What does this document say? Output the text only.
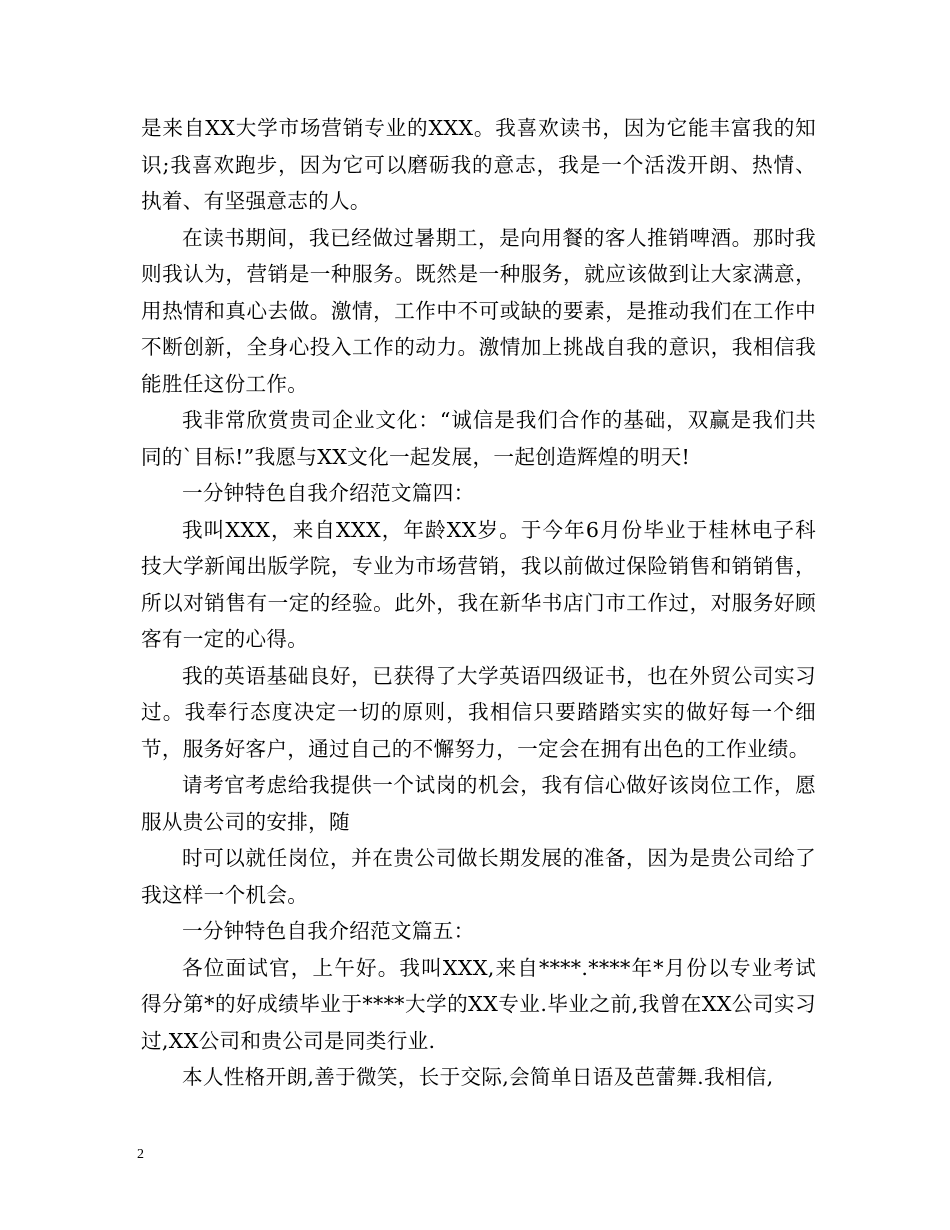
是来自XX大学市场营销专业的XXX。我喜欢读书，因为它能丰富我的知识;我喜欢跑步，因为它可以磨砺我的意志，我是一个活泼开朗、热情、执着、有坚强意志的人。

在读书期间，我已经做过暑期工，是向用餐的客人推销啤酒。那时我则我认为，营销是一种服务。既然是一种服务，就应该做到让大家满意，用热情和真心去做。激情，工作中不可或缺的要素，是推动我们在工作中不断创新，全身心投入工作的动力。激情加上挑战自我的意识，我相信我能胜任这份工作。

我非常欣赏贵司企业文化：“诚信是我们合作的基础，双赢是我们共同的`目标!”我愿与XX文化一起发展，一起创造辉煌的明天!

一分钟特色自我介绍范文篇四：

我叫XXX，来自XXX，年龄XX岁。于今年6月份毕业于桂林电子科技大学新闻出版学院，专业为市场营销，我以前做过保险销售和销销售，所以对销售有一定的经验。此外，我在新华书店门市工作过，对服务好顾客有一定的心得。

我的英语基础良好，已获得了大学英语四级证书，也在外贸公司实习过。我奉行态度决定一切的原则，我相信只要踏踏实实的做好每一个细节，服务好客户，通过自己的不懈努力，一定会在拥有出色的工作业绩。

请考官考虑给我提供一个试岗的机会，我有信心做好该岗位工作，愿服从贵公司的安排，随

时可以就任岗位，并在贵公司做长期发展的准备，因为是贵公司给了我这样一个机会。

一分钟特色自我介绍范文篇五：

各位面试官，上午好。我叫XXX,来自****.****年*月份以专业考试得分第*的好成绩毕业于****大学的XX专业.毕业之前,我曾在XX公司实习过,XX公司和贵公司是同类行业.

本人性格开朗,善于微笑，长于交际,会简单日语及芭蕾舞.我相信,

2
